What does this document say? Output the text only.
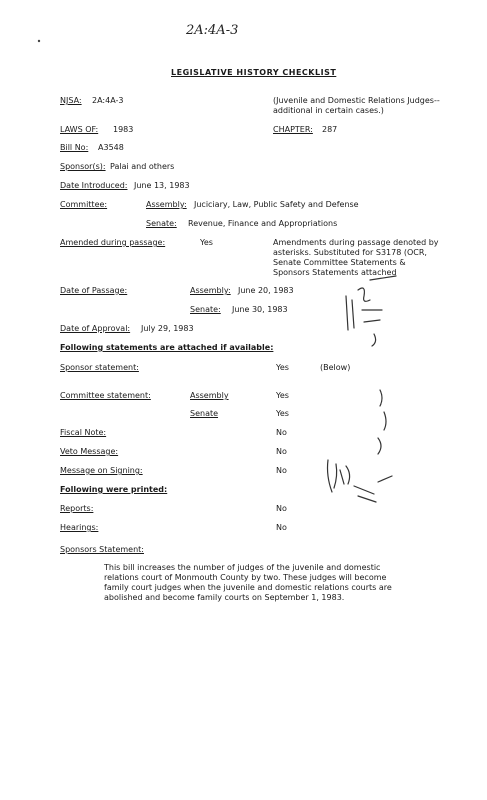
2A:4A-3
LEGISLATIVE HISTORY CHECKLIST
NJSA: 2A:4A-3	(Juvenile and Domestic Relations Judges--additional in certain cases.)
LAWS OF: 1983	CHAPTER: 287
Bill No: A3548
Sponsor(s): Palai and others
Date Introduced: June 13, 1983
Committee:	Assembly: Juciciary, Law, Public Safety and Defense
Senate: Revenue, Finance and Appropriations
Amended during passage:	Yes	Amendments during passage denoted by asterisks. Substituted for S3178 (OCR, Senate Committee Statements & Sponsors Statements attached
Date of Passage:	Assembly: June 20, 1983
Senate: June 30, 1983
Date of Approval: July 29, 1983
Following statements are attached if available:
Sponsor statement:	Yes	(Below)
Committee statement:	Assembly	Yes
Senate	Yes
Fiscal Note:	No
Veto Message:	No
Message on Signing:	No
Following were printed:
Reports:	No
Hearings:	No
Sponsors Statement:
This bill increases the number of judges of the juvenile and domestic relations court of Monmouth County by two. These judges will become family court judges when the juvenile and domestic relations courts are abolished and become family courts on September 1, 1983.
